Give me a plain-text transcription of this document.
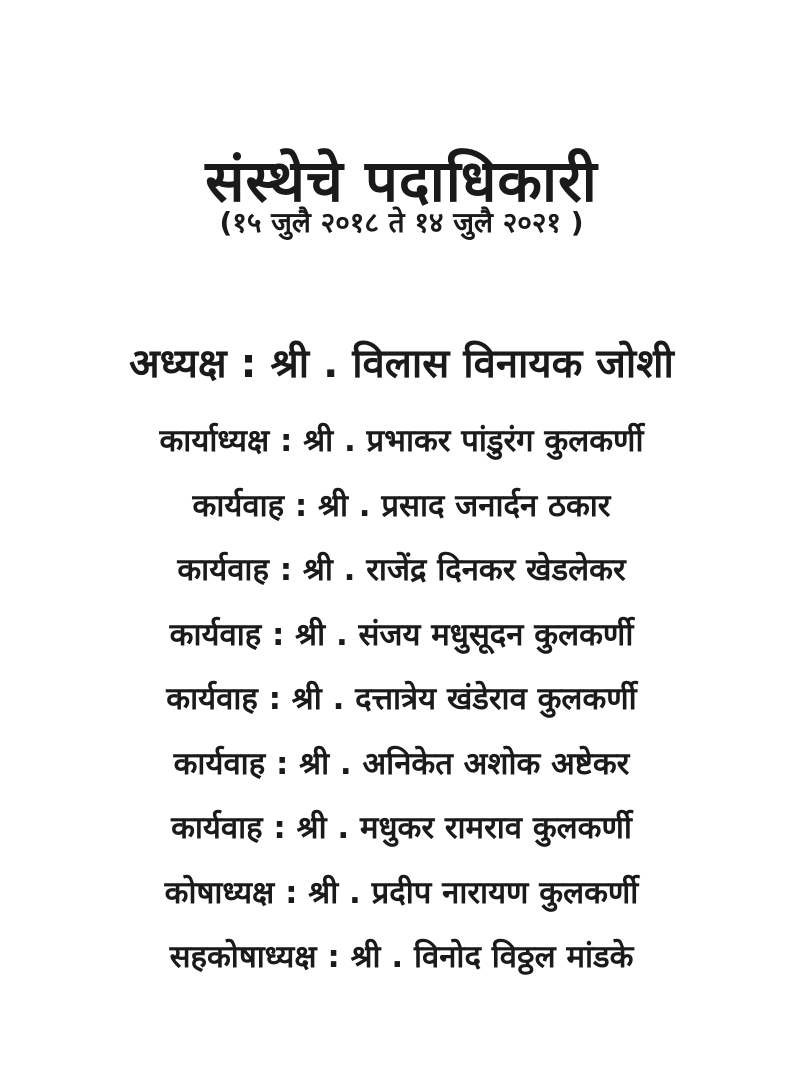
संस्थेचे पदाधिकारी
(१५ जुलै २०१८ ते १४ जुलै २०२१ )
अध्यक्ष : श्री . विलास विनायक जोशी
कार्याध्यक्ष : श्री . प्रभाकर पांडुरंग कुलकर्णी
कार्यवाह : श्री . प्रसाद जनार्दन ठकार
कार्यवाह : श्री . राजेंद्र दिनकर खेडलेकर
कार्यवाह : श्री . संजय मधुसूदन कुलकर्णी
कार्यवाह : श्री . दत्तात्रेय खंडेराव कुलकर्णी
कार्यवाह : श्री . अनिकेत अशोक अष्टेकर
कार्यवाह : श्री . मधुकर रामराव कुलकर्णी
कोषाध्यक्ष : श्री . प्रदीप नारायण कुलकर्णी
सहकोषाध्यक्ष : श्री . विनोद विठ्ठल मांडके
